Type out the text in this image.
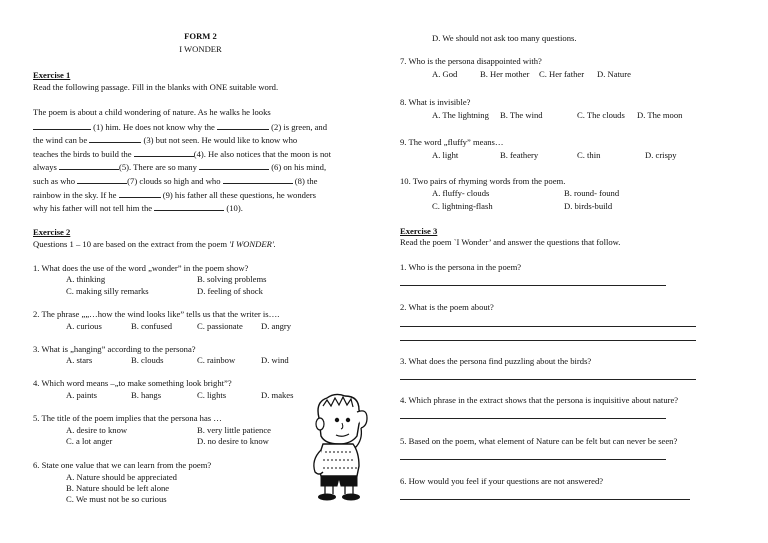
FORM 2
I WONDER
Exercise 1
Read the following passage. Fill in the blanks with ONE suitable word.
The poem is about a child wondering of nature. As he walks he looks
(1) him. He does not know why the	(2) is green, and
the wind can be	(3) but not seen. He would like to know who
teaches the birds to build the	(4). He also notices that the moon is not
always	(5). There are so many	(6) on his mind,
such as who	(7) clouds so high and who	(8) the
rainbow in the sky. If he	(9) his father all these questions, he wonders
why his father will not tell him the	(10).
Exercise 2
Questions 1 – 10 are based on the extract from the poem 'I WONDER'.
1. What does the use of the word „wonder” in the poem show?
A. thinking	B. solving problems
C. making silly remarks	D. feeling of shock
2. The phrase „„…how the wind looks like” tells us that the writer is….
A. curious	B. confused	C. passionate D. angry
3. What is „hanging” according to the persona?
A. stars	B. clouds	C. rainbow	D. wind
4. Which word means –„to make something look bright”?
A. paints	B. hangs	C. lights	D. makes
5. The title of the poem implies that the persona has …
A. desire to know	B. very little patience
C. a lot anger	D. no desire to know
6. State one value that we can learn from the poem?
A. Nature should be appreciated
B. Nature should be left alone
C. We must not be so curious
D. We should not ask too many questions.
7. Who is the persona disappointed with?
A. God	B. Her mother C. Her father D. Nature
8. What is invisible?
A. The lightning B. The wind	C. The clouds D. The moon
9. The word „fluffy” means…
A. light	B. feathery	C. thin	D. crispy
10. Two pairs of rhyming words from the poem.
A. fluffy- clouds	B. round- found
C. lightning-flash	D. birds-build
Exercise 3
Read the poem `I Wonder’ and answer the questions that follow.
1. Who is the persona in the poem?
2. What is the poem about?
3. What does the persona find puzzling about the birds?
4. Which phrase in the extract shows that the persona is inquisitive about nature?
5. Based on the poem, what element of Nature can be felt but can never be seen?
6. How would you feel if your questions are not answered?
